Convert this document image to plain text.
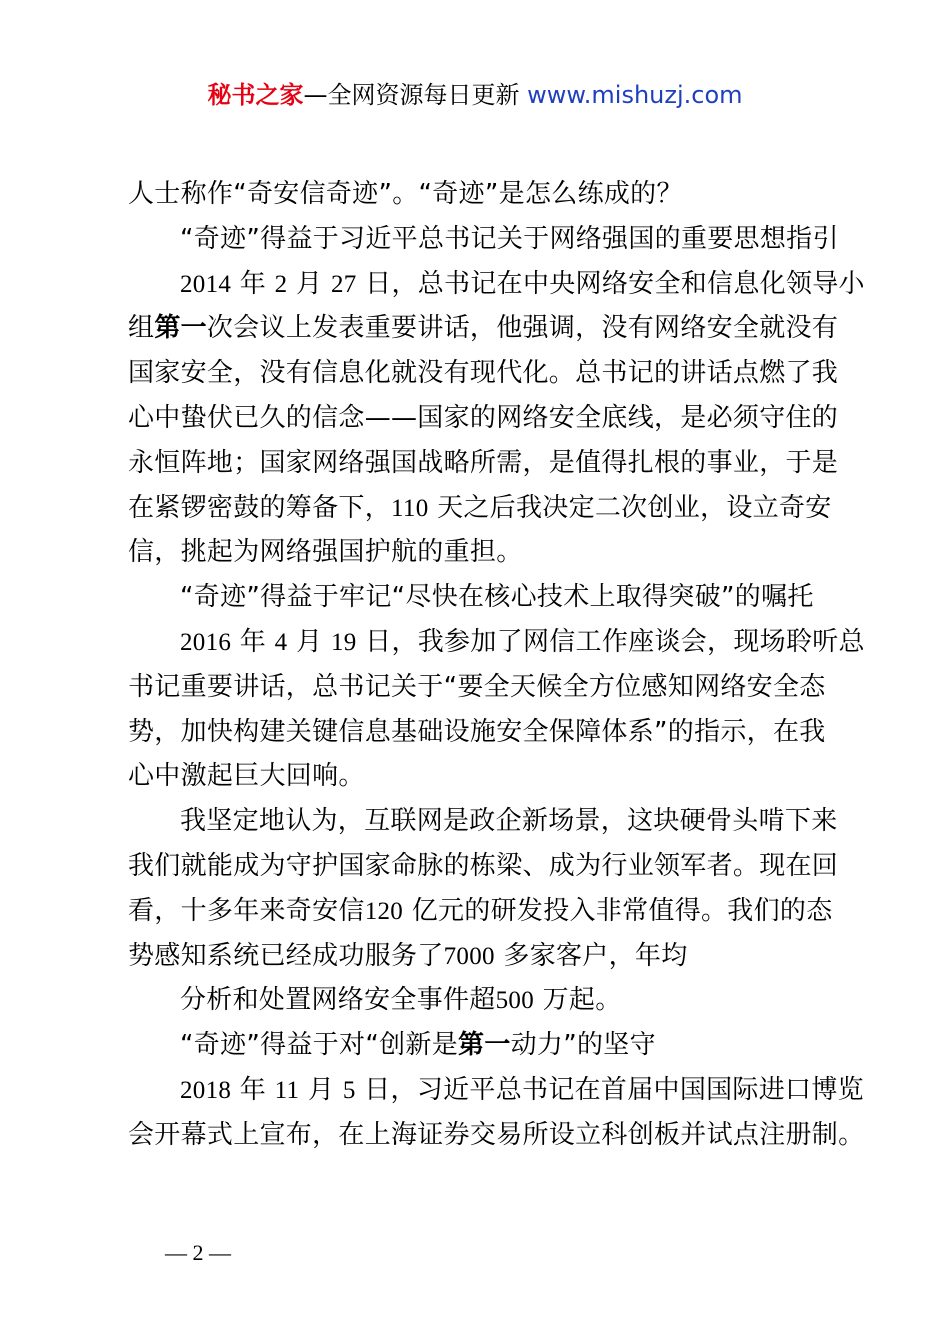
秘书之家—全网资源每日更新 www.mishuzj.com
人士称作“奇安信奇迹”。“奇迹”是怎么练成的？
“奇迹”得益于习近平总书记关于网络强国的重要思想指引
2014 年 2 月 27 日，总书记在中央网络安全和信息化领导小
组第一次会议上发表重要讲话，他强调，没有网络安全就没有
国家安全，没有信息化就没有现代化。总书记的讲话点燃了我
心中蛰伏已久的信念——国家的网络安全底线，是必须守住的
永恒阵地；国家网络强国战略所需，是值得扎根的事业，于是
在紧锣密鼓的筹备下，110 天之后我决定二次创业，设立奇安
信，挑起为网络强国护航的重担。
“奇迹”得益于牢记“尽快在核心技术上取得突破”的嘱托
2016 年 4 月 19 日，我参加了网信工作座谈会，现场聆听总
书记重要讲话，总书记关于“要全天候全方位感知网络安全态
势，加快构建关键信息基础设施安全保障体系”的指示，在我
心中激起巨大回响。
我坚定地认为，互联网是政企新场景，这块硬骨头啃下来
我们就能成为守护国家命脉的栋梁、成为行业领军者。现在回
看，十多年来奇安信120 亿元的研发投入非常值得。我们的态
势感知系统已经成功服务了7000 多家客户，年均
分析和处置网络安全事件超500 万起。
“奇迹”得益于对“创新是第一动力”的坚守
2018 年 11 月 5 日，习近平总书记在首届中国国际进口博览
会开幕式上宣布，在上海证券交易所设立科创板并试点注册制。
— 2 —
